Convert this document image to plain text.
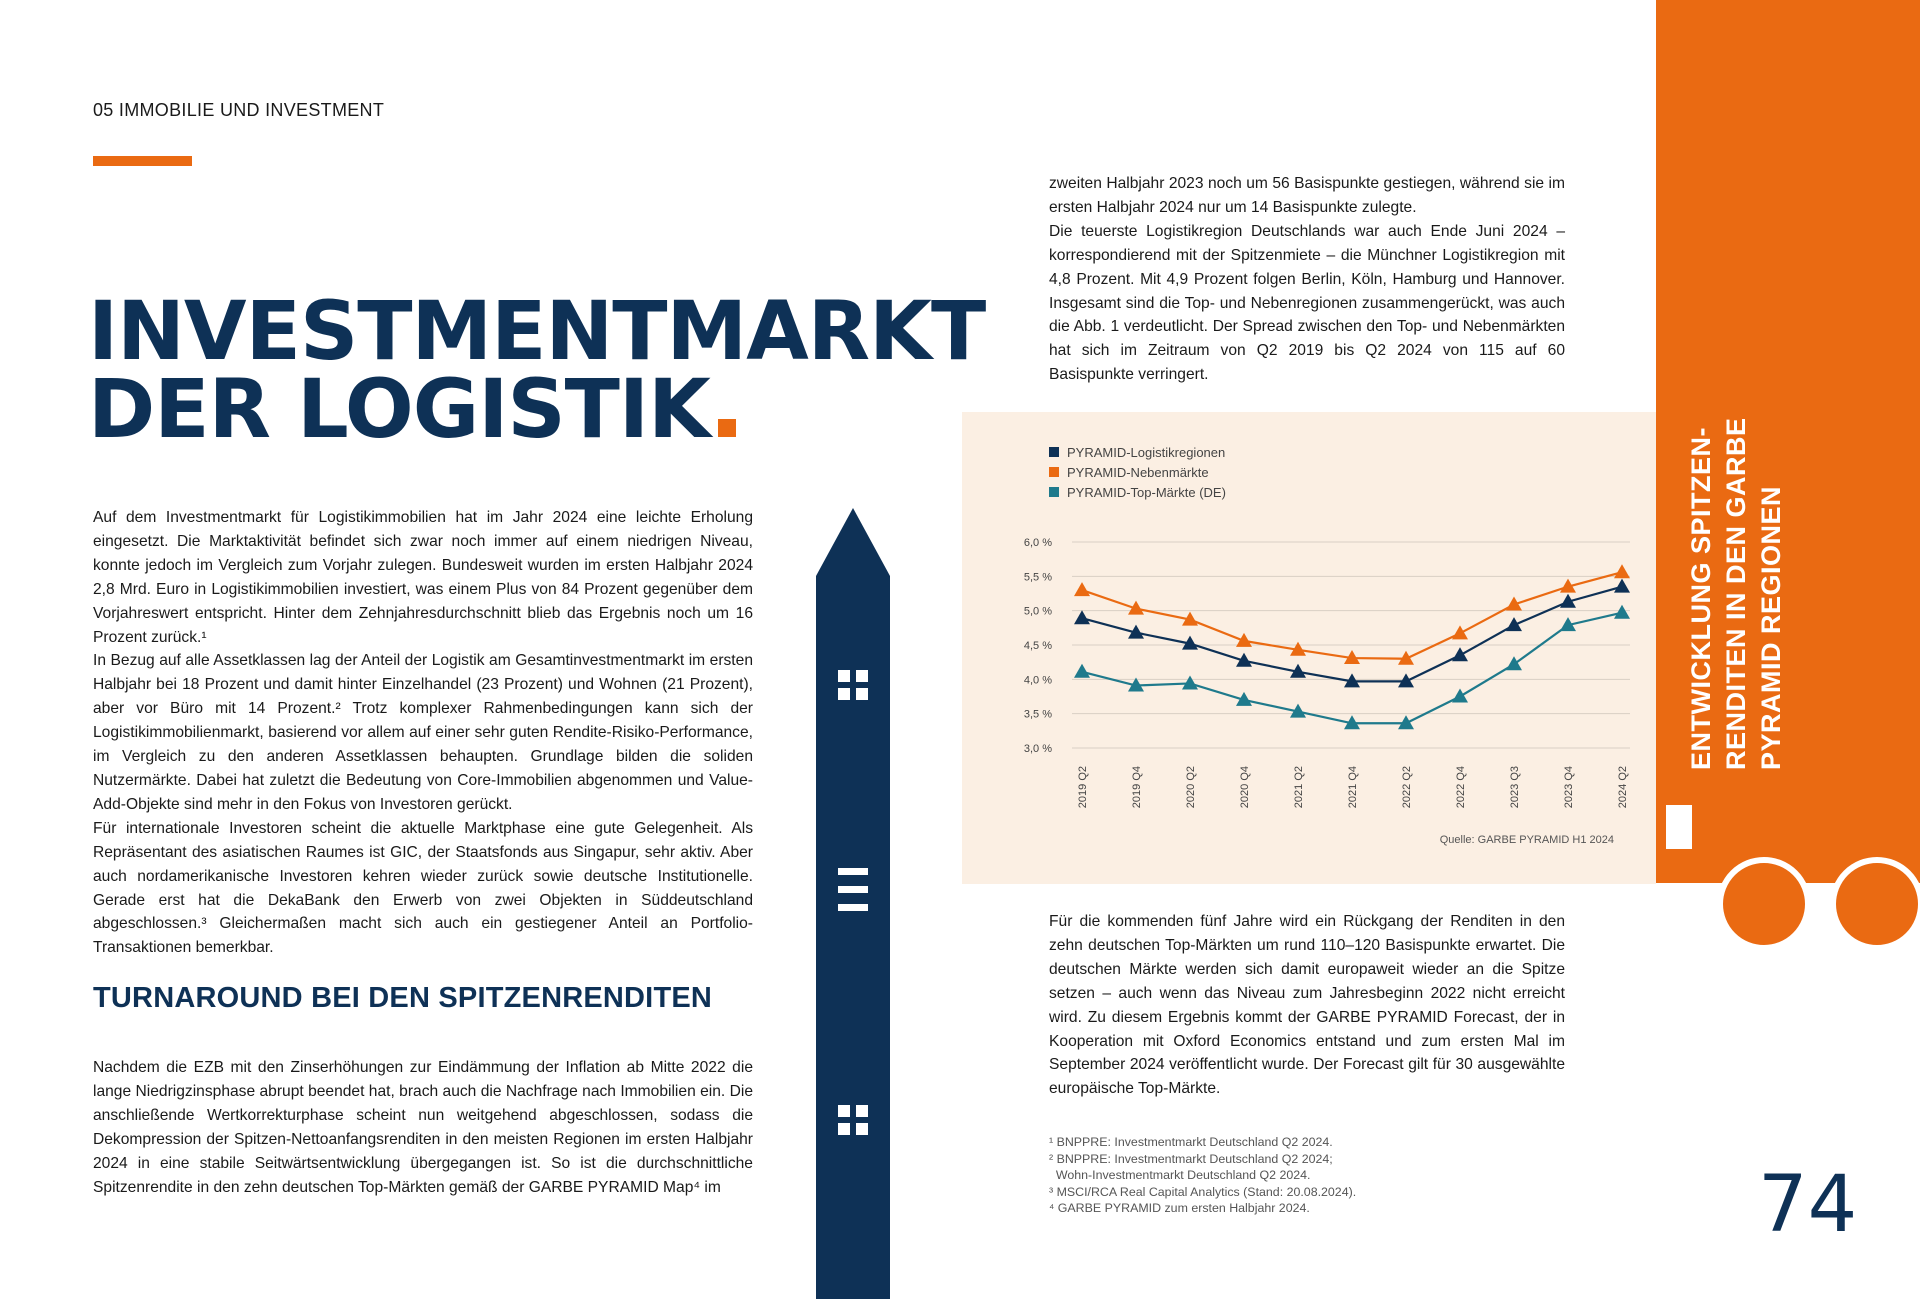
05 IMMOBILIE UND INVESTMENT
INVESTMENTMARKT
DER LOGISTIK

Auf dem Investmentmarkt für Logistikimmobilien hat im Jahr 2024 eine leichte Erholung eingesetzt. Die Marktaktivität befindet sich zwar noch immer auf einem niedrigen Niveau, konnte jedoch im Vergleich zum Vorjahr zulegen. Bundesweit wurden im ersten Halbjahr 2024 2,8 Mrd. Euro in Logistikimmobilien investiert, was einem Plus von 84 Prozent gegenüber dem Vorjahreswert entspricht. Hinter dem Zehnjahresdurchschnitt blieb das Ergebnis noch um 16 Prozent zurück.¹

In Bezug auf alle Assetklassen lag der Anteil der Logistik am Gesamtinvestmentmarkt im ersten Halbjahr bei 18 Prozent und damit hinter Einzelhandel (23 Prozent) und Wohnen (21 Prozent), aber vor Büro mit 14 Prozent.² Trotz komplexer Rahmenbedingungen kann sich der Logistikimmobilienmarkt, basierend vor allem auf einer sehr guten Rendite-Risiko-Performance, im Vergleich zu den anderen Assetklassen behaupten. Grundlage bilden die soliden Nutzermärkte. Dabei hat zuletzt die Bedeutung von Core-Immobilien abgenommen und Value-Add-Objekte sind mehr in den Fokus von Investoren gerückt.

Für internationale Investoren scheint die aktuelle Marktphase eine gute Gelegenheit. Als Repräsentant des asiatischen Raumes ist GIC, der Staatsfonds aus Singapur, sehr aktiv. Aber auch nordamerikanische Investoren kehren wieder zurück sowie deutsche Institutionelle. Gerade erst hat die DekaBank den Erwerb von zwei Objekten in Süddeutschland abgeschlossen.³ Gleichermaßen macht sich auch ein gestiegener Anteil an Portfolio-Transaktionen bemerkbar.

TURNAROUND BEI DEN SPITZENRENDITEN

Nachdem die EZB mit den Zinserhöhungen zur Eindämmung der Inflation ab Mitte 2022 die lange Niedrigzinsphase abrupt beendet hat, brach auch die Nachfrage nach Immobilien ein. Die anschließende Wertkorrekturphase scheint nun weitgehend abgeschlossen, sodass die Dekompression der Spitzen-Nettoanfangsrenditen in den meisten Regionen im ersten Halbjahr 2024 in eine stabile Seitwärtsentwicklung übergegangen ist. So ist die durchschnittliche Spitzenrendite in den zehn deutschen Top-Märkten gemäß der GARBE PYRAMID Map⁴ im

zweiten Halbjahr 2023 noch um 56 Basispunkte gestiegen, während sie im ersten Halbjahr 2024 nur um 14 Basispunkte zulegte.

Die teuerste Logistikregion Deutschlands war auch Ende Juni 2024 – korrespondierend mit der Spitzenmiete – die Münchner Logistikregion mit 4,8 Prozent. Mit 4,9 Prozent folgen Berlin, Köln, Hamburg und Hannover. Insgesamt sind die Top- und Nebenregionen zusammengerückt, was auch die Abb. 1 verdeutlicht. Der Spread zwischen den Top- und Nebenmärkten hat sich im Zeitraum von Q2 2019 bis Q2 2024 von 115 auf 60 Basispunkte verringert.

PYRAMID-Logistikregionen
PYRAMID-Nebenmärkte
PYRAMID-Top-Märkte (DE)
6,0 %
5,5 %
5,0 %
4,5 %
4,0 %
3,5 %
3,0 %
2019 Q2	2019 Q4	2020 Q2	2020 Q4	2021 Q2	2021 Q4	2022 Q2	2022 Q4	2023 Q3	2023 Q4	2024 Q2
Quelle: GARBE PYRAMID H1 2024

Für die kommenden fünf Jahre wird ein Rückgang der Renditen in den zehn deutschen Top-Märkten um rund 110–120 Basispunkte erwartet. Die deutschen Märkte werden sich damit europaweit wieder an die Spitze setzen – auch wenn das Niveau zum Jahresbeginn 2022 nicht erreicht wird. Zu diesem Ergebnis kommt der GARBE PYRAMID Forecast, der in Kooperation mit Oxford Economics entstand und zum ersten Mal im September 2024 veröffentlicht wurde. Der Forecast gilt für 30 ausgewählte europäische Top-Märkte.

¹ BNPPRE: Investmentmarkt Deutschland Q2 2024.
² BNPPRE: Investmentmarkt Deutschland Q2 2024;
Wohn-Investmentmarkt Deutschland Q2 2024.
³ MSCI/RCA Real Capital Analytics (Stand: 20.08.2024).
⁴ GARBE PYRAMID zum ersten Halbjahr 2024.
ENTWICKLUNG SPITZEN- RENDITEN IN DEN GARBE PYRAMID REGIONEN
74
